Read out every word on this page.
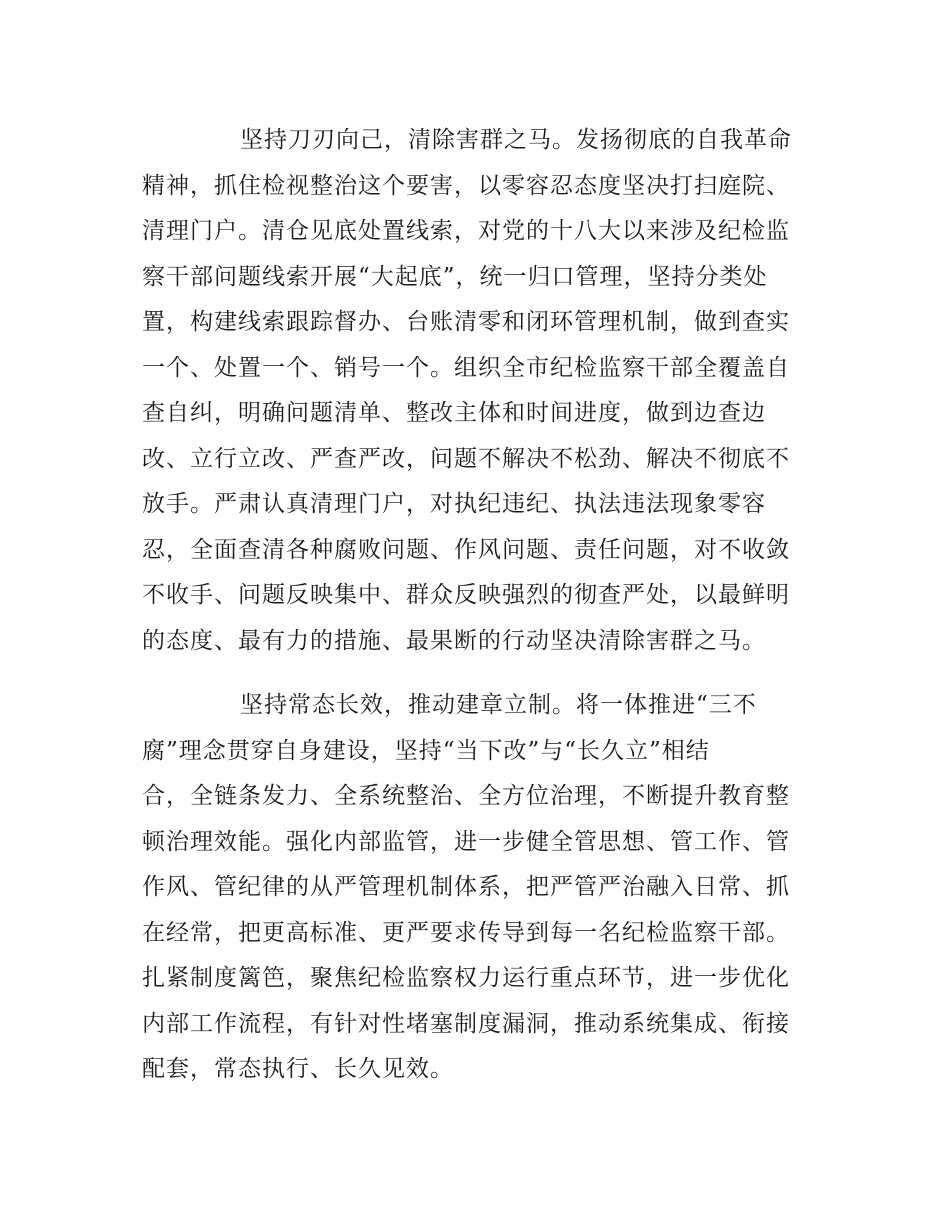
坚持刀刃向己，清除害群之马。发扬彻底的自我革命
精神，抓住检视整治这个要害，以零容忍态度坚决打扫庭院、
清理门户。清仓见底处置线索，对党的十八大以来涉及纪检监
察干部问题线索开展“大起底”，统一归口管理，坚持分类处
置，构建线索跟踪督办、台账清零和闭环管理机制，做到查实
一个、处置一个、销号一个。组织全市纪检监察干部全覆盖自
查自纠，明确问题清单、整改主体和时间进度，做到边查边
改、立行立改、严查严改，问题不解决不松劲、解决不彻底不
放手。严肃认真清理门户，对执纪违纪、执法违法现象零容
忍，全面查清各种腐败问题、作风问题、责任问题，对不收敛
不收手、问题反映集中、群众反映强烈的彻查严处，以最鲜明
的态度、最有力的措施、最果断的行动坚决清除害群之马。
坚持常态长效，推动建章立制。将一体推进“三不
腐”理念贯穿自身建设，坚持“当下改”与“长久立”相结
合，全链条发力、全系统整治、全方位治理，不断提升教育整
顿治理效能。强化内部监管，进一步健全管思想、管工作、管
作风、管纪律的从严管理机制体系，把严管严治融入日常、抓
在经常，把更高标准、更严要求传导到每一名纪检监察干部。
扎紧制度篱笆，聚焦纪检监察权力运行重点环节，进一步优化
内部工作流程，有针对性堵塞制度漏洞，推动系统集成、衔接
配套，常态执行、长久见效。
